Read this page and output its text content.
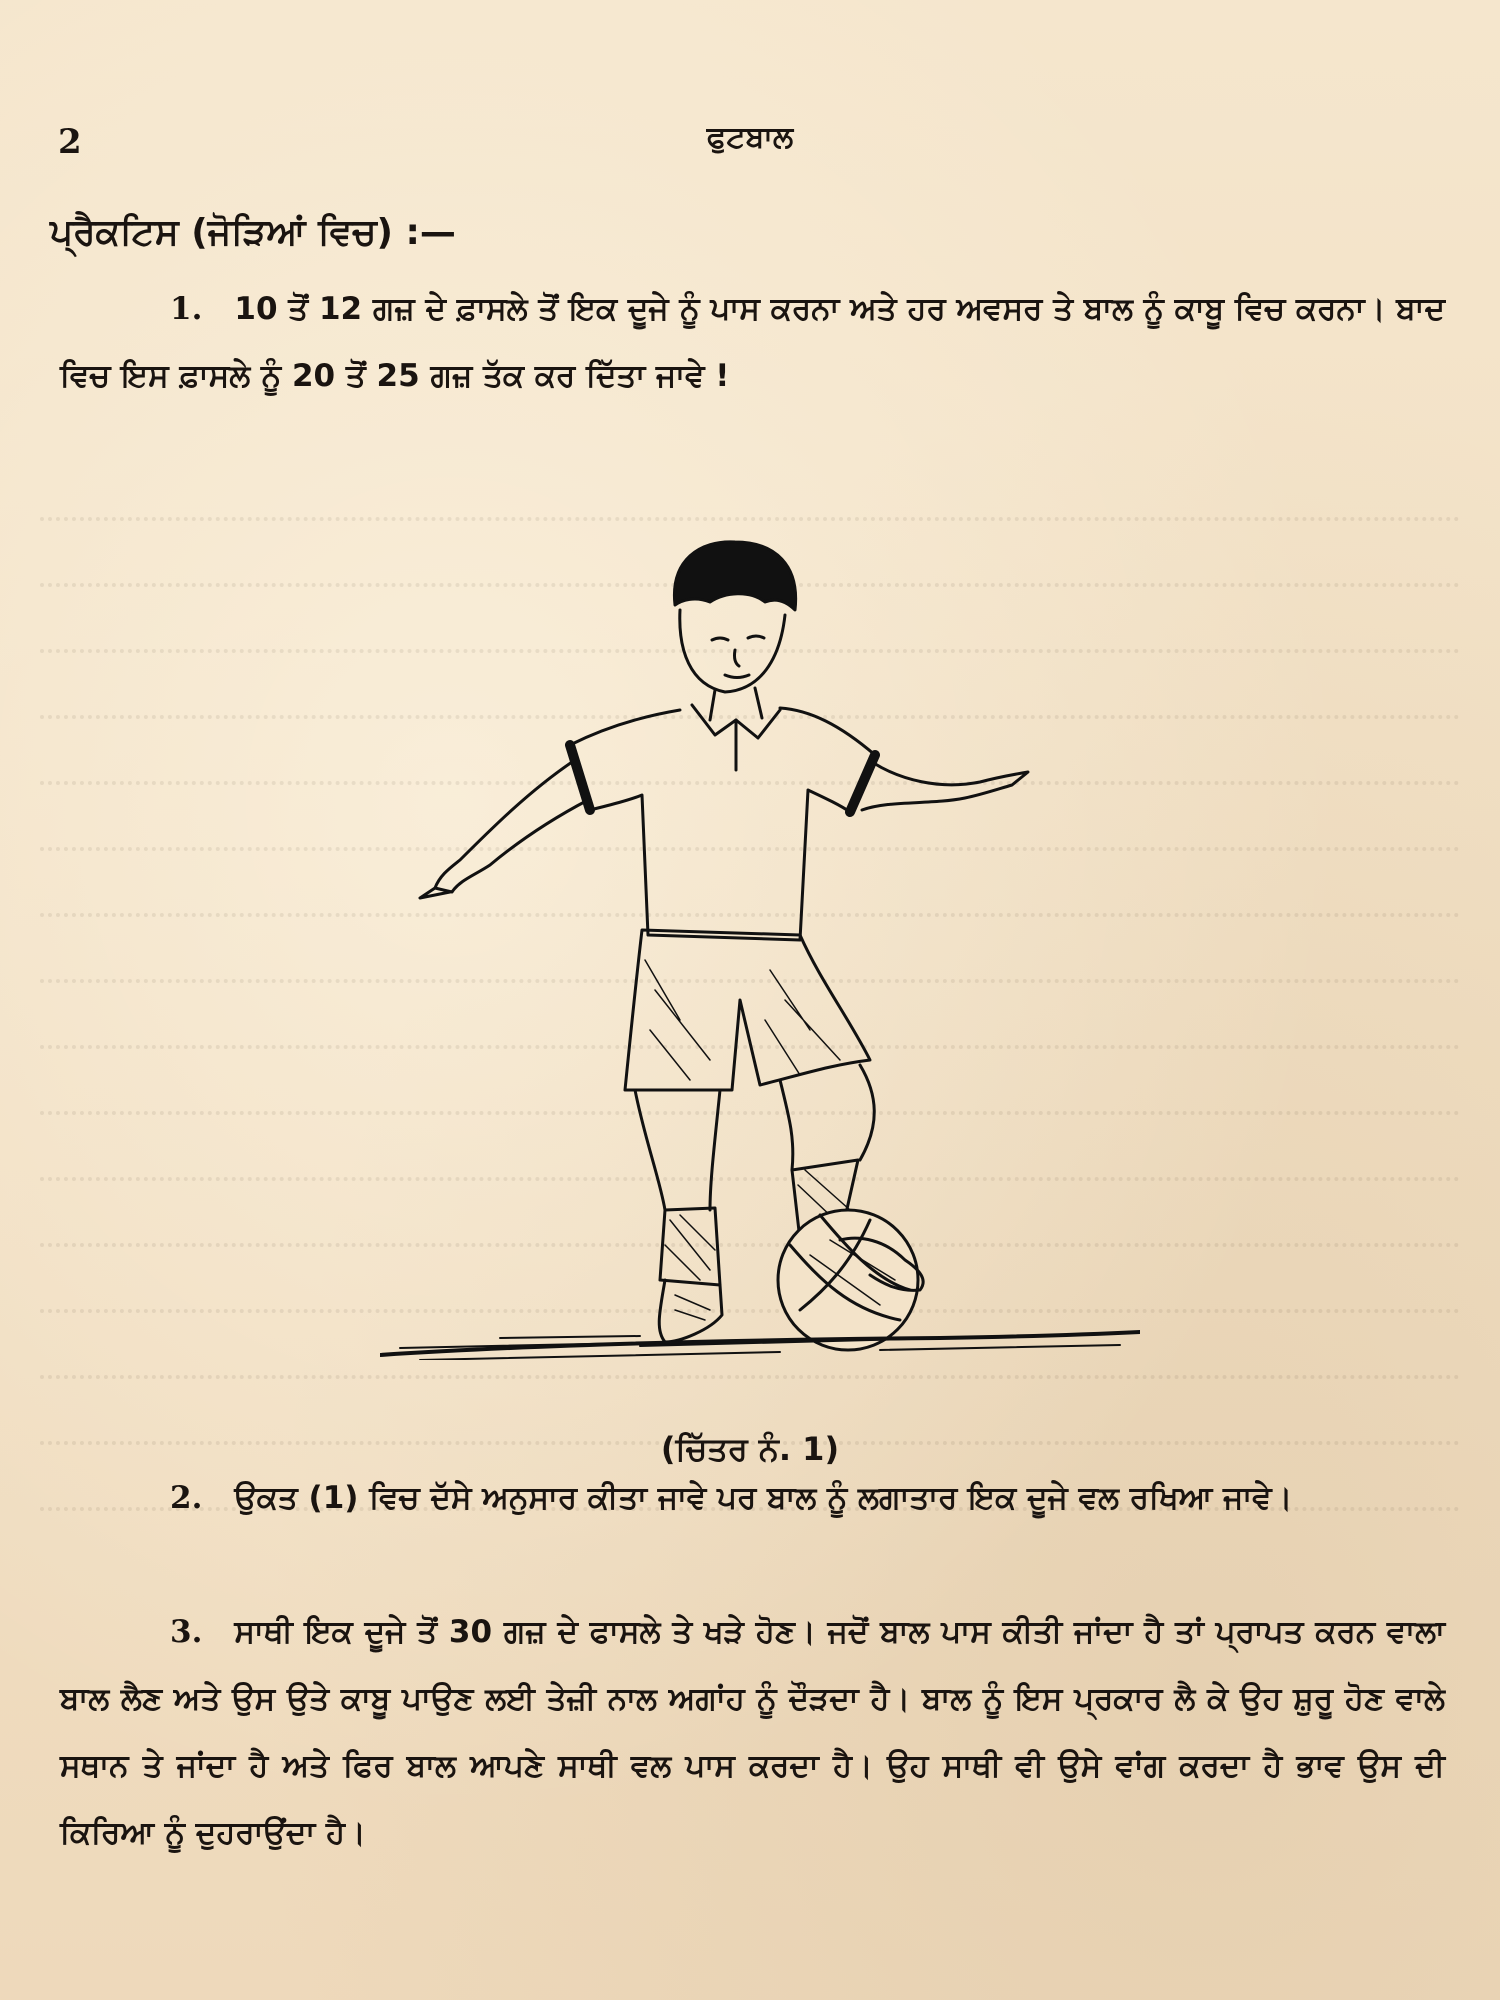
2	ਫੁਟਬਾਲ
ਪ੍ਰੈਕਟਿਸ (ਜੋੜਿਆਂ ਵਿਚ) :—
1. 10 ਤੋਂ 12 ਗਜ਼ ਦੇ ਫ਼ਾਸਲੇ ਤੋਂ ਇਕ ਦੂਜੇ ਨੂੰ ਪਾਸ ਕਰਨਾ ਅਤੇ ਹਰ ਅਵਸਰ ਤੇ ਬਾਲ ਨੂੰ ਕਾਬੂ ਵਿਚ ਕਰਨਾ। ਬਾਦ ਵਿਚ ਇਸ ਫ਼ਾਸਲੇ ਨੂੰ 20 ਤੋਂ 25 ਗਜ਼ ਤੱਕ ਕਰ ਦਿੱਤਾ ਜਾਵੇ !
(ਚਿੱਤਰ ਨੰ. 1)
2. ਉਕਤ (1) ਵਿਚ ਦੱਸੇ ਅਨੁਸਾਰ ਕੀਤਾ ਜਾਵੇ ਪਰ ਬਾਲ ਨੂੰ ਲਗਾਤਾਰ ਇਕ ਦੂਜੇ ਵਲ ਰਖਿਆ ਜਾਵੇ।
3. ਸਾਥੀ ਇਕ ਦੂਜੇ ਤੋਂ 30 ਗਜ਼ ਦੇ ਫਾਸਲੇ ਤੇ ਖੜੇ ਹੋਣ। ਜਦੋਂ ਬਾਲ ਪਾਸ ਕੀਤੀ ਜਾਂਦਾ ਹੈ ਤਾਂ ਪ੍ਰਾਪਤ ਕਰਨ ਵਾਲਾ ਬਾਲ ਲੈਣ ਅਤੇ ਉਸ ਉਤੇ ਕਾਬੂ ਪਾਉਣ ਲਈ ਤੇਜ਼ੀ ਨਾਲ ਅਗਾਂਹ ਨੂੰ ਦੌੜਦਾ ਹੈ। ਬਾਲ ਨੂੰ ਇਸ ਪ੍ਰਕਾਰ ਲੈ ਕੇ ਉਹ ਸ਼ੁਰੂ ਹੋਣ ਵਾਲੇ ਸਥਾਨ ਤੇ ਜਾਂਦਾ ਹੈ ਅਤੇ ਫਿਰ ਬਾਲ ਆਪਣੇ ਸਾਥੀ ਵਲ ਪਾਸ ਕਰਦਾ ਹੈ। ਉਹ ਸਾਥੀ ਵੀ ਉਸੇ ਵਾਂਗ ਕਰਦਾ ਹੈ ਭਾਵ ਉਸ ਦੀ ਕਿਰਿਆ ਨੂੰ ਦੁਹਰਾਉਂਦਾ ਹੈ।
